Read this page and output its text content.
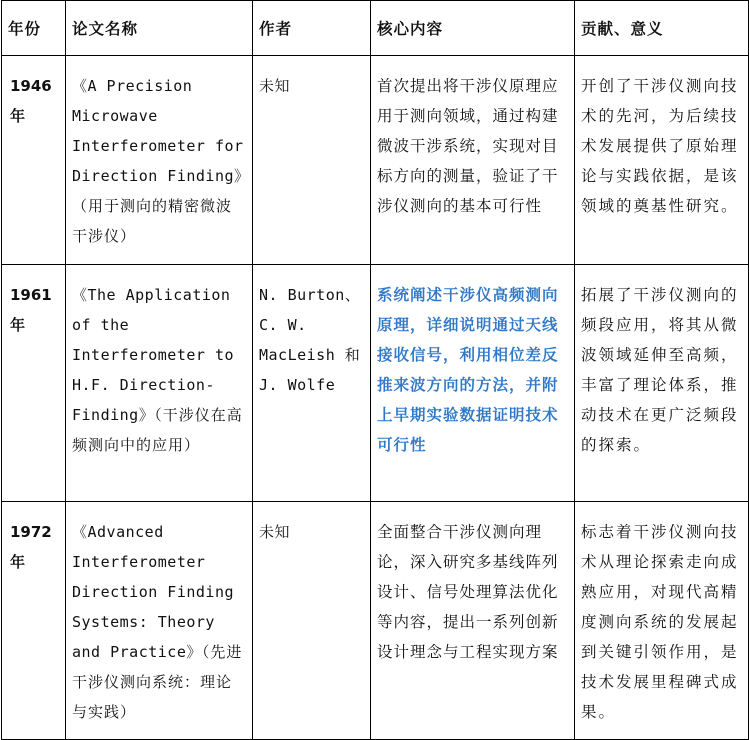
年份	论文名称	作者	核心内容	贡献、意义
1946 年	《A Precision Microwave Interferometer for Direction Finding》（用于测向的精密微波干涉仪）	未知	首次提出将干涉仪原理应用于测向领域，通过构建微波干涉系统，实现对目标方向的测量，验证了干涉仪测向的基本可行性	开创了干涉仪测向技术的先河，为后续技术发展提供了原始理论与实践依据，是该领域的奠基性研究。
1961 年	《The Application of the Interferometer to H.F. Direction-Finding》（干涉仪在高频测向中的应用）	N. Burton、C. W. MacLeish 和 J. Wolfe	系统阐述干涉仪高频测向原理，详细说明通过天线接收信号，利用相位差反推来波方向的方法，并附上早期实验数据证明技术可行性	拓展了干涉仪测向的频段应用，将其从微波领域延伸至高频，丰富了理论体系，推动技术在更广泛频段的探索。
1972 年	《Advanced Interferometer Direction Finding Systems: Theory and Practice》（先进干涉仪测向系统：理论与实践）	未知	全面整合干涉仪测向理论，深入研究多基线阵列设计、信号处理算法优化等内容，提出一系列创新设计理念与工程实现方案	标志着干涉仪测向技术从理论探索走向成熟应用，对现代高精度测向系统的发展起到关键引领作用，是技术发展里程碑式成果。
